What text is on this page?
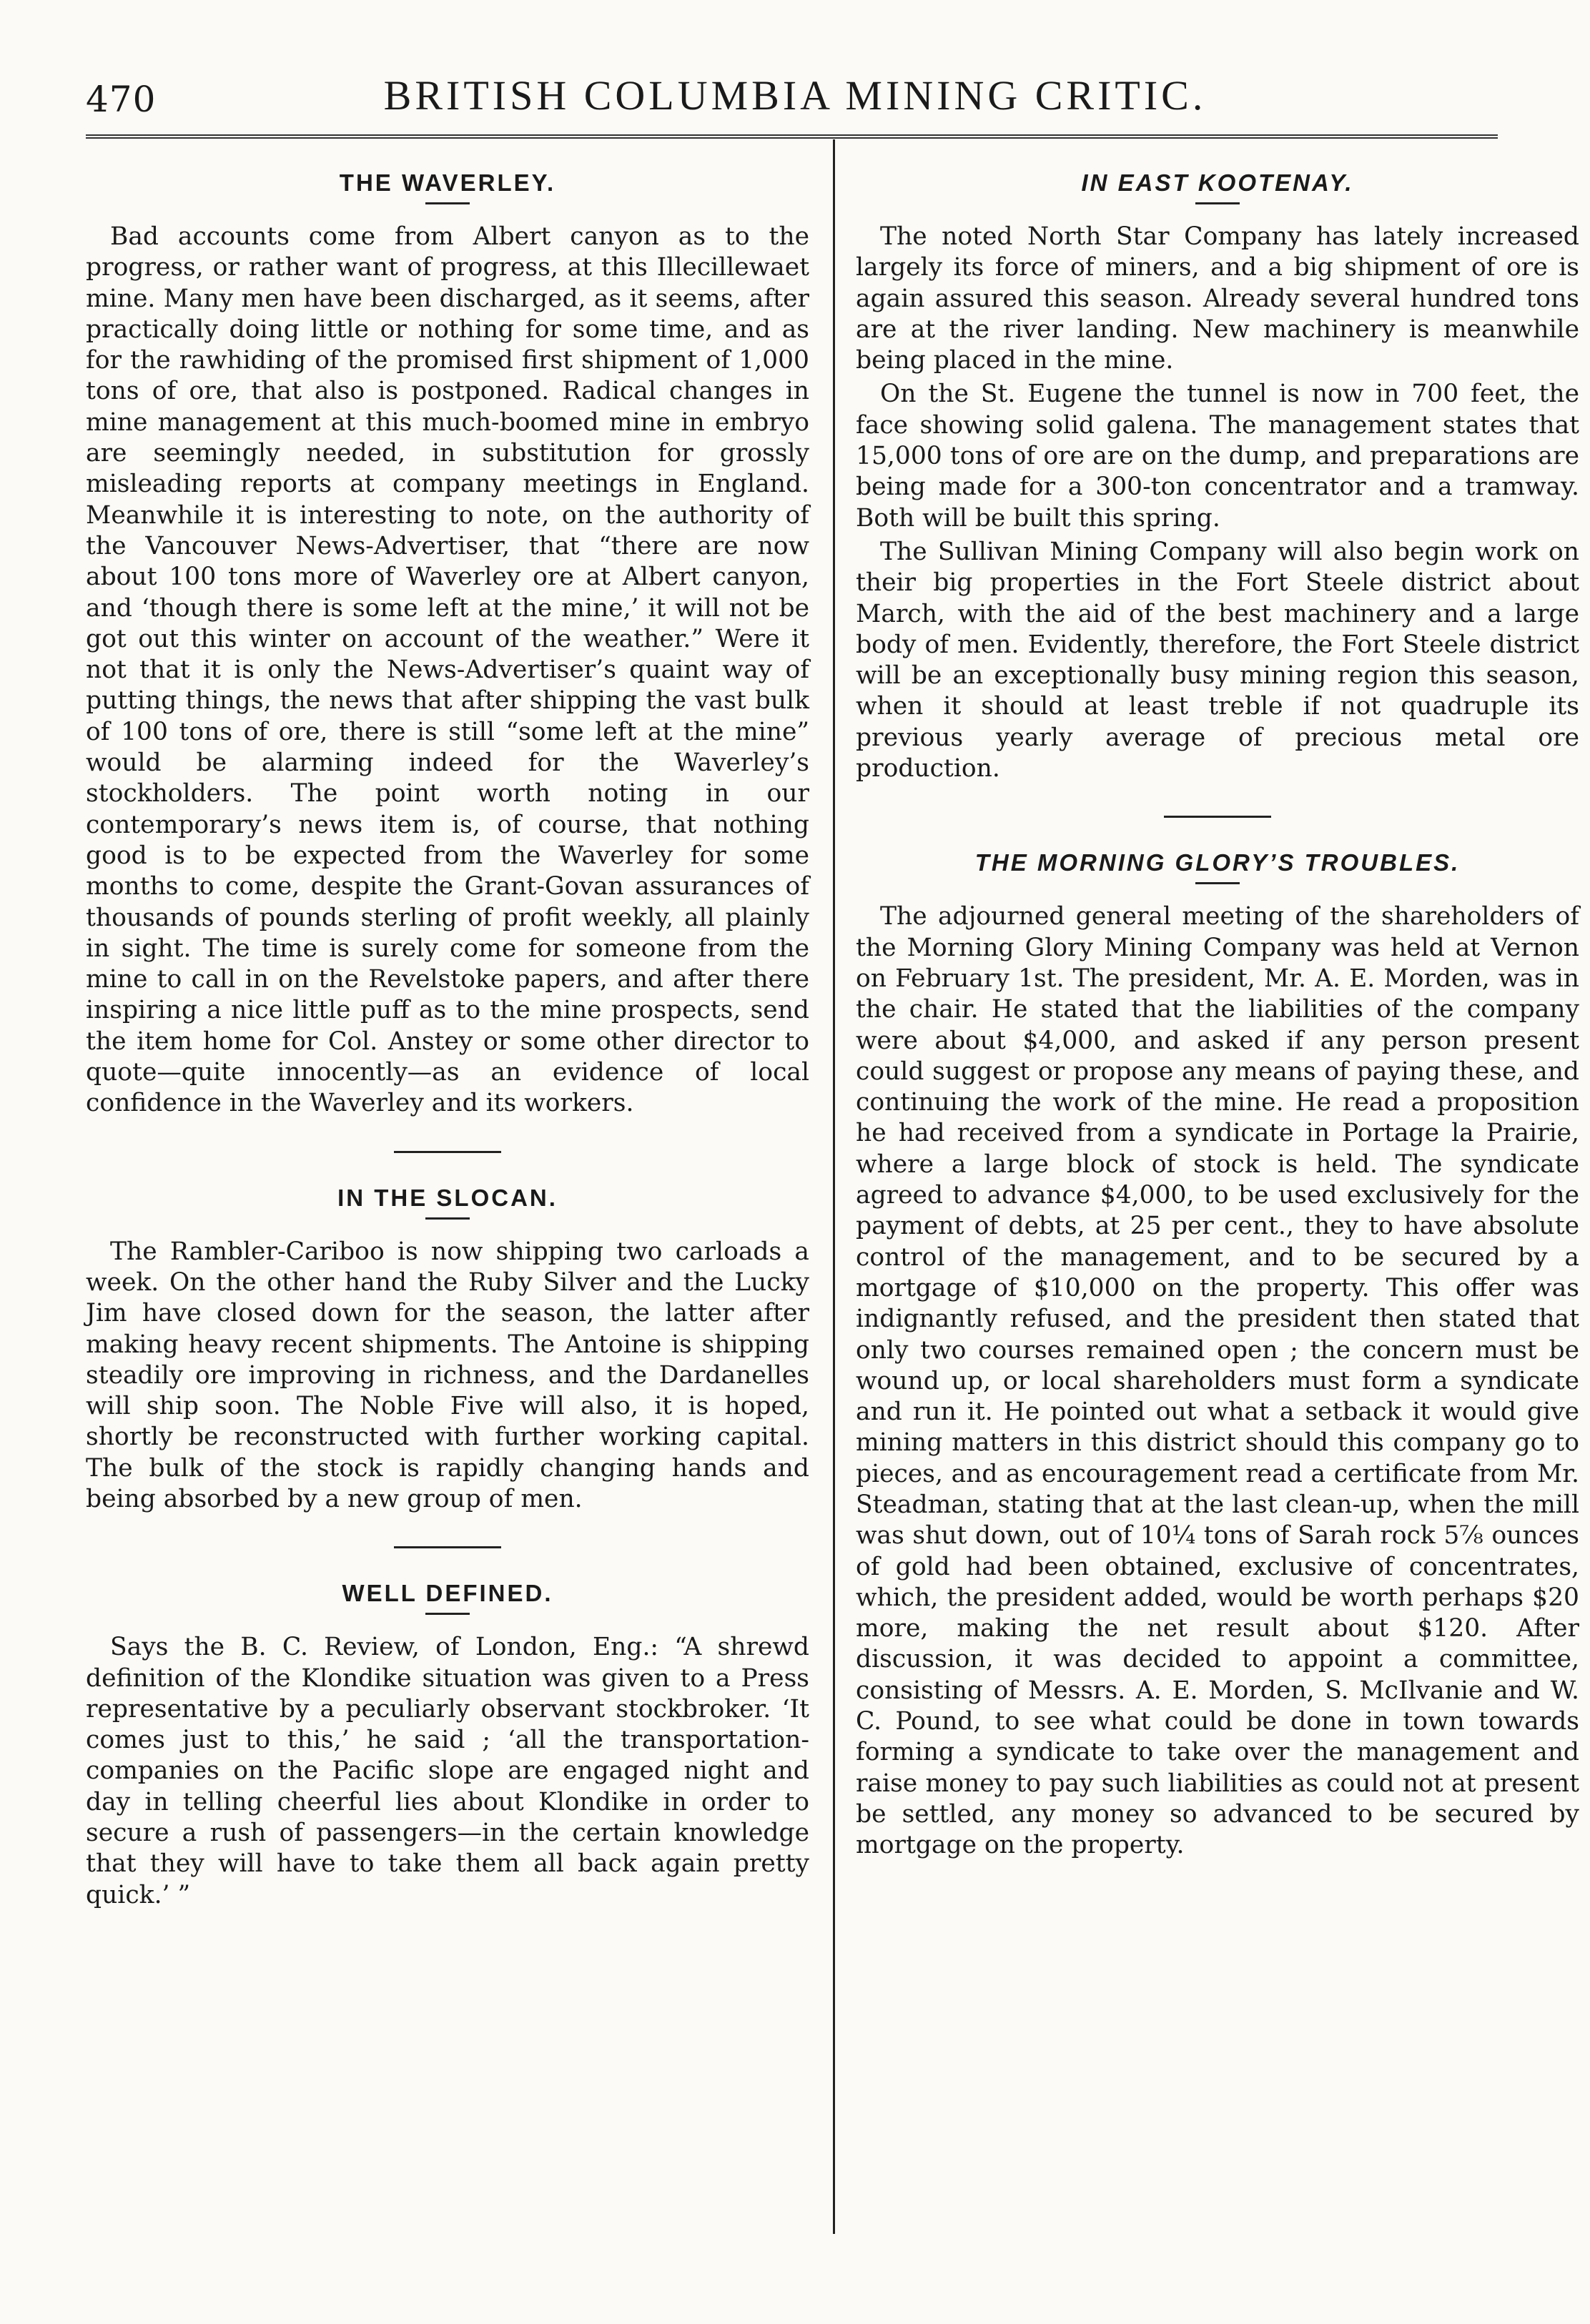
470	BRITISH COLUMBIA MINING CRITIC.
THE WAVERLEY.

Bad accounts come from Albert canyon as to the progress, or rather want of progress, at this Illecillewaet mine. Many men have been discharged, as it seems, after practically doing little or nothing for some time, and as for the rawhiding of the promised first shipment of 1,000 tons of ore, that also is postponed. Radical changes in mine management at this much-boomed mine in embryo are seemingly needed, in substitution for grossly misleading reports at company meetings in England. Meanwhile it is interesting to note, on the authority of the Vancouver News-Advertiser, that “there are now about 100 tons more of Waverley ore at Albert canyon, and ‘though there is some left at the mine,’ it will not be got out this winter on account of the weather.” Were it not that it is only the News-Advertiser’s quaint way of putting things, the news that after shipping the vast bulk of 100 tons of ore, there is still “some left at the mine” would be alarming indeed for the Waverley’s stockholders. The point worth noting in our contemporary’s news item is, of course, that nothing good is to be expected from the Waverley for some months to come, despite the Grant-Govan assurances of thousands of pounds sterling of profit weekly, all plainly in sight. The time is surely come for someone from the mine to call in on the Revelstoke papers, and after there inspiring a nice little puff as to the mine prospects, send the item home for Col. Anstey or some other director to quote—quite innocently—as an evidence of local confidence in the Waverley and its workers.

IN THE SLOCAN.

The Rambler-Cariboo is now shipping two carloads a week. On the other hand the Ruby Silver and the Lucky Jim have closed down for the season, the latter after making heavy recent shipments. The Antoine is shipping steadily ore improving in richness, and the Dardanelles will ship soon. The Noble Five will also, it is hoped, shortly be reconstructed with further working capital. The bulk of the stock is rapidly changing hands and being absorbed by a new group of men.

WELL DEFINED.

Says the B. C. Review, of London, Eng.: “A shrewd definition of the Klondike situation was given to a Press representative by a peculiarly observant stockbroker. ‘It comes just to this,’ he said ; ‘all the transportation-companies on the Pacific slope are engaged night and day in telling cheerful lies about Klondike in order to secure a rush of passengers—in the certain knowledge that they will have to take them all back again pretty quick.’ ”

IN EAST KOOTENAY.

The noted North Star Company has lately increased largely its force of miners, and a big shipment of ore is again assured this season. Already several hundred tons are at the river landing. New machinery is meanwhile being placed in the mine.

On the St. Eugene the tunnel is now in 700 feet, the face showing solid galena. The management states that 15,000 tons of ore are on the dump, and preparations are being made for a 300-ton concentrator and a tramway. Both will be built this spring.

The Sullivan Mining Company will also begin work on their big properties in the Fort Steele district about March, with the aid of the best machinery and a large body of men. Evidently, therefore, the Fort Steele district will be an exceptionally busy mining region this season, when it should at least treble if not quadruple its previous yearly average of precious metal ore production.

THE MORNING GLORY’S TROUBLES.

The adjourned general meeting of the shareholders of the Morning Glory Mining Company was held at Vernon on February 1st. The president, Mr. A. E. Morden, was in the chair. He stated that the liabilities of the company were about $4,000, and asked if any person present could suggest or propose any means of paying these, and continuing the work of the mine. He read a proposition he had received from a syndicate in Portage la Prairie, where a large block of stock is held. The syndicate agreed to advance $4,000, to be used exclusively for the payment of debts, at 25 per cent., they to have absolute control of the management, and to be secured by a mortgage of $10,000 on the property. This offer was indignantly refused, and the president then stated that only two courses remained open ; the concern must be wound up, or local shareholders must form a syndicate and run it. He pointed out what a setback it would give mining matters in this district should this company go to pieces, and as encouragement read a certificate from Mr. Steadman, stating that at the last clean-up, when the mill was shut down, out of 10¼ tons of Sarah rock 5⅞ ounces of gold had been obtained, exclusive of concentrates, which, the president added, would be worth perhaps $20 more, making the net result about $120. After discussion, it was decided to appoint a committee, consisting of Messrs. A. E. Morden, S. McIlvanie and W. C. Pound, to see what could be done in town towards forming a syndicate to take over the management and raise money to pay such liabilities as could not at present be settled, any money so advanced to be secured by mortgage on the property.
